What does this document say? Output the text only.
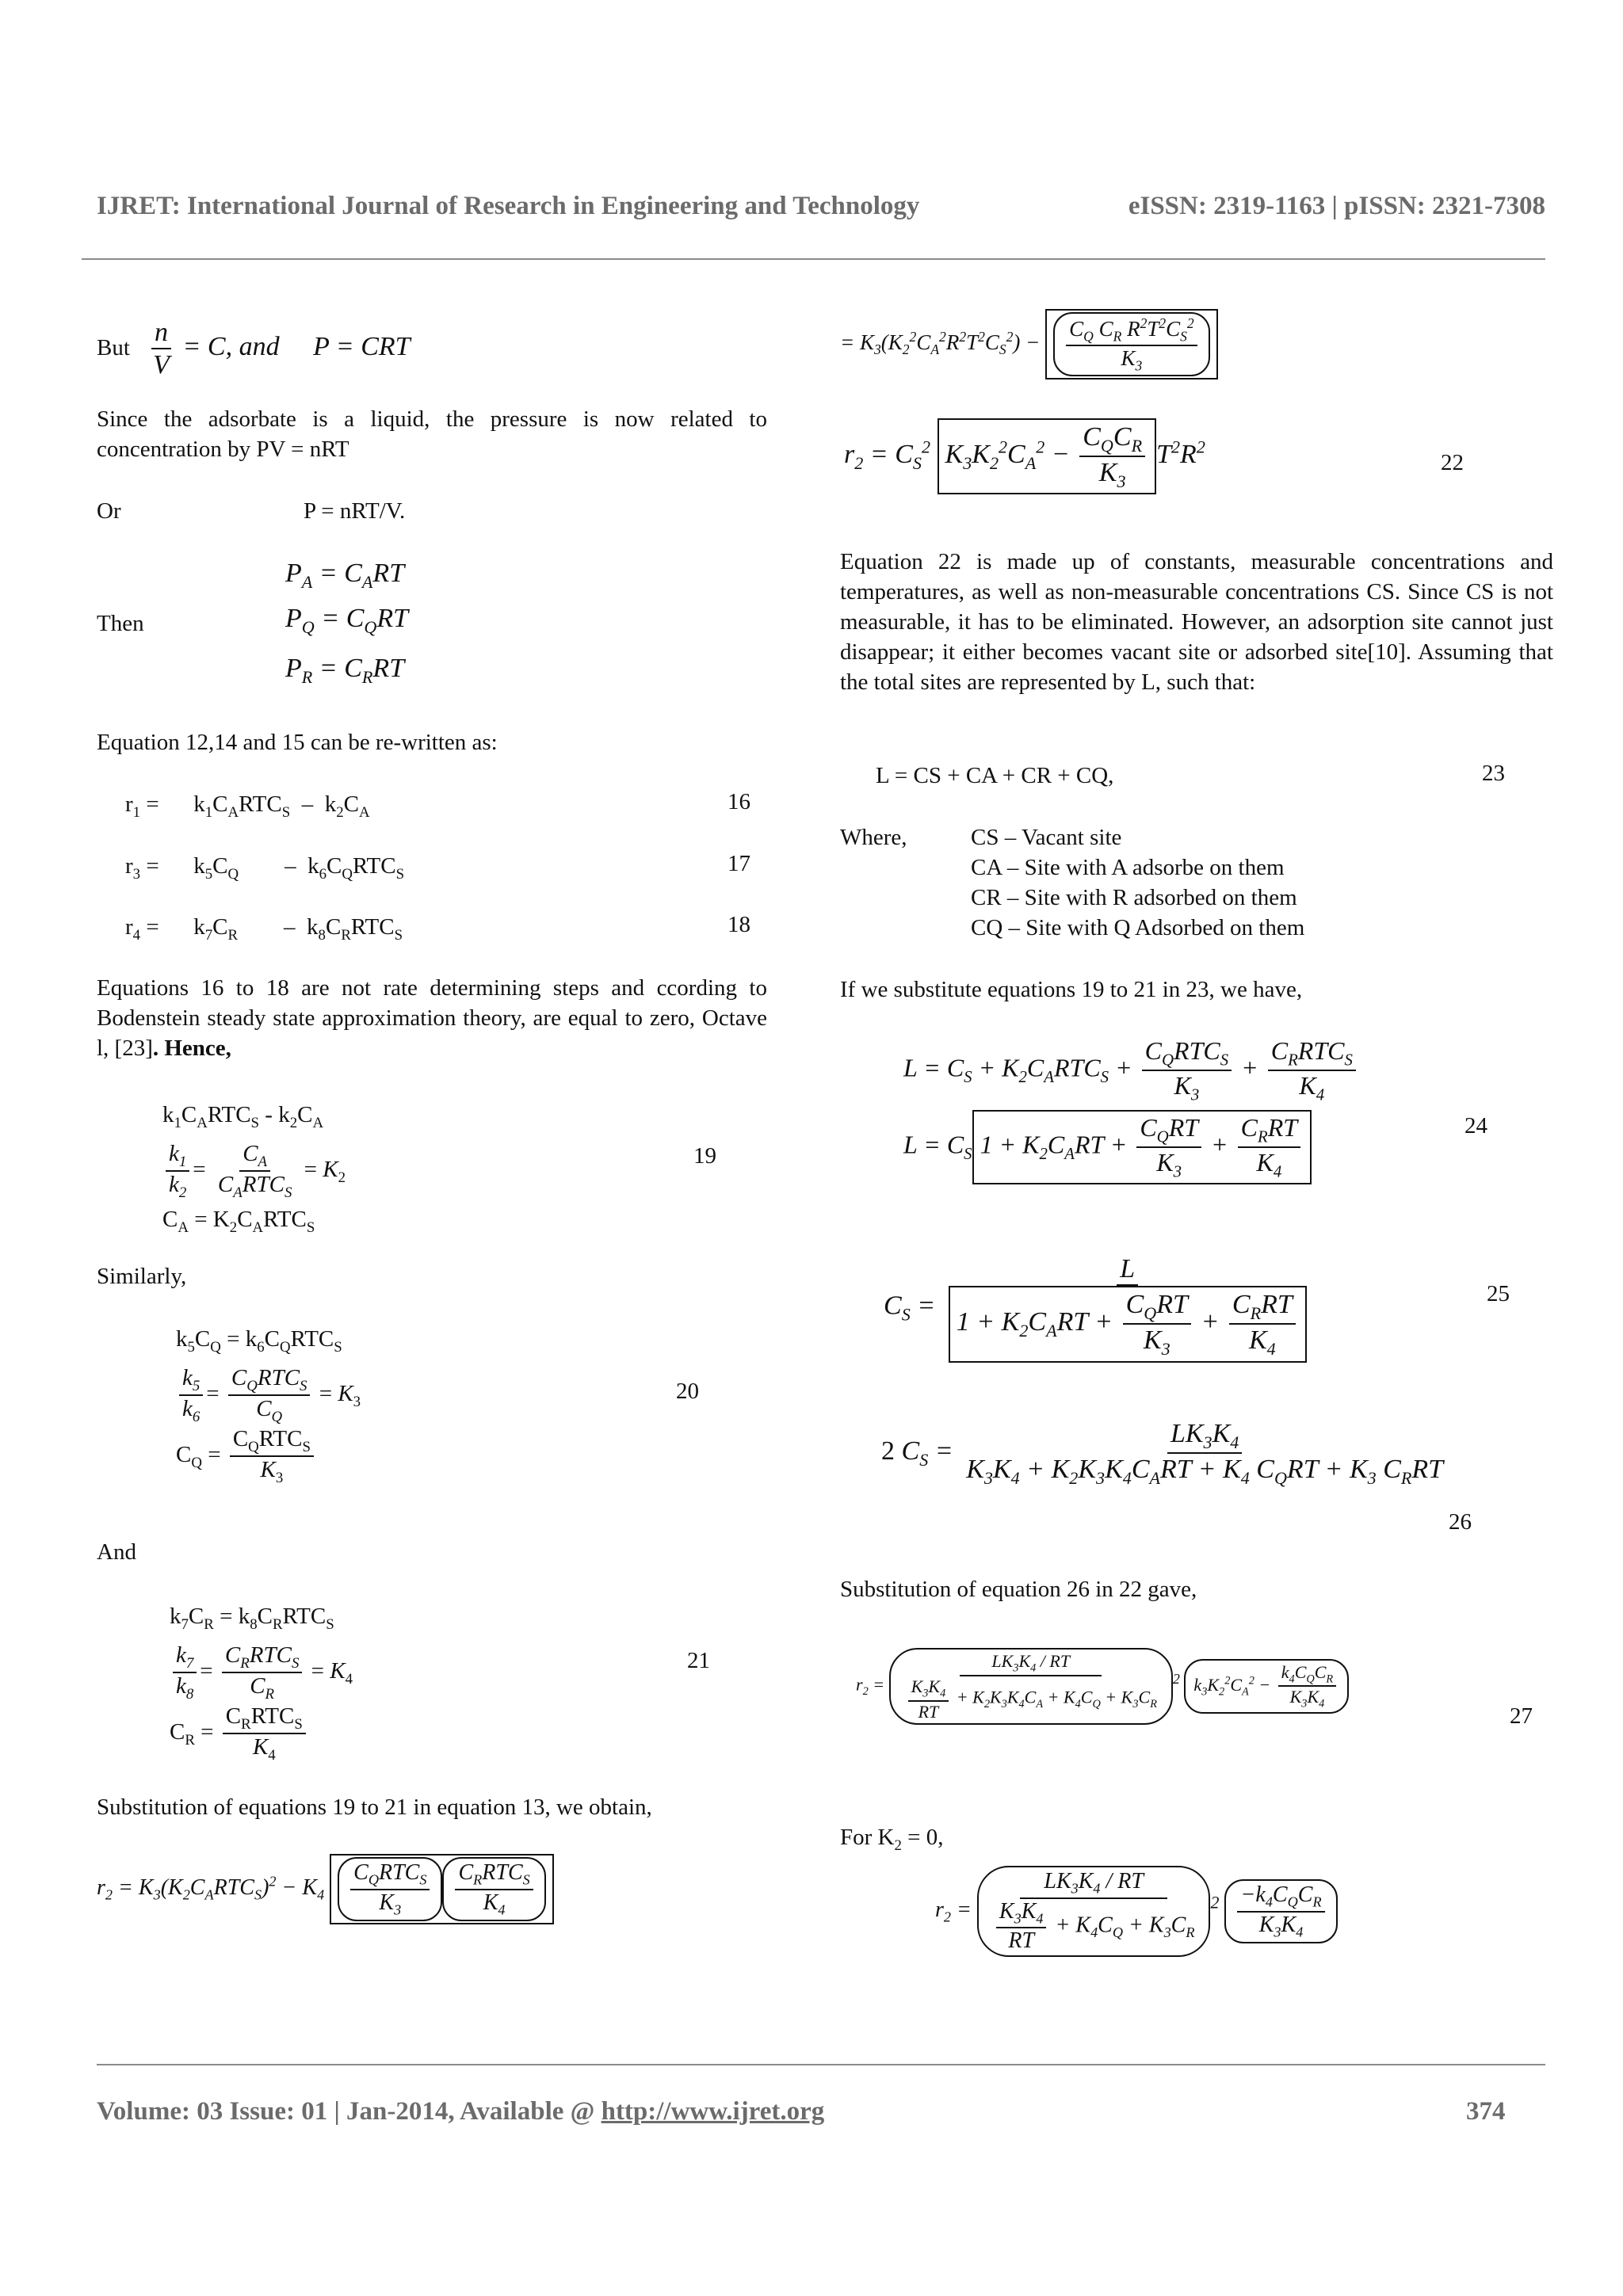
IJRET: International Journal of Research in Engineering and Technology	eISSN: 2319-1163 | pISSN: 2321-7308
But $\frac{n}{V} = C$, and P = CRT
Since the adsorbate is a liquid, the pressure is now related to concentration by PV = nRT
Or	P = nRT/V.
$P_A = C_ART$
Then	$P_Q = C_QRT$
$P_R = C_RRT$
Equation 12,14 and 15 can be re-written as:
$r_1$ =      $k_1C_ARTC_S - k_2C_A$	16
$r_3$ =      $k_5C_Q$        –  $k_6C_QRTC_S$	17
$r_4$ =      $k_7C_R$        –  $k_8C_RRTC_S$	18
Equations 16 to 18 are not rate determining steps and ccording to Bodenstein steady state approximation theory, are equal to zero, Octave l, [23]. Hence,
$k_1C_ARTC_S - k_2C_A$
$\frac{k_1}{k_2} = \frac{C_A}{C_ARTC_S} = K_2$
$C_A = K_2C_ARTC_S$
19
Similarly,
$k_5C_Q = k_6C_QRTC_S$
$\frac{k_5}{k_6} = \frac{C_QRTC_S}{C_Q} = K_3$
$C_Q = \frac{C_QRTC_S}{K_3}$
20
And
$k_7C_R = k_8C_RRTC_S$
$\frac{k_7}{k_8} = \frac{C_RRTC_S}{C_R} = K_4$
$C_R = \frac{C_RRTC_S}{K_4}$
21
Substitution of equations 19 to 21 in equation 13, we obtain,
$r_2 = K_3(K_2C_ARTC_S)^2 - K_4 \frac{C_QRTC_S}{K_3} \frac{C_RRTC_S}{K_4}$
= $K_3(K_2^2C_A^2R^2T^2C_S^2) - \frac{C_Q C_R R^2T^2C_S^2}{K_3}$
$r_2 = C_S^2$ $K_3K_2^2C_A^2 - \frac{C_QC_R}{K_3} T^2R^2$
22
Equation 22 is made up of constants, measurable concentrations and temperatures, as well as non-measurable concentrations CS. Since CS is not measurable, it has to be eliminated. However, an adsorption site cannot just disappear; it either becomes vacant site or adsorbed site[10]. Assuming that the total sites are represented by L, such that:
L = CS + CA + CR + CQ,	23
Where,	CS – Vacant site
CA – Site with A adsorbe on them
CR – Site with R adsorbed on them
CQ – Site with Q Adsorbed on them
If we substitute equations 19 to 21 in 23, we have,
$L = C_S + K_2C_ARTC_S + \frac{C_QRTC_S}{K_3} + \frac{C_RRTC_S}{K_4}$
$L = C_S$ $1 + K_2C_ART + \frac{C_QRT}{K_3} + \frac{C_RRT}{K_4}$	24
$C_S = \frac{L}{1 + K_2C_ART + \frac{C_QRT}{K_3} + \frac{C_RRT}{K_4}}$	25
2 $C_S = \frac{LK_3K_4}{K_3K_4 + K_2K_3K_4C_ART + K_4 C_QRT + K_3 C_RRT}$
26
Substitution of equation 26 in 22 gave,
$r_2 = \frac{LK_3K_4 / RT}{\frac{K_3K_4}{RT} + K_2K_3K_4C_A + K_4C_Q + K_3C_R} ^2$ $k_3K_2^2C_A^2 - \frac{k_4C_QC_R}{K_3K_4}$
27
For $K_2 = 0$,
$r_2 = \frac{LK_3K_4 / RT}{\frac{K_3K_4}{RT} + K_4C_Q + K_3C_R} ^2 \frac{-k_4C_QC_R}{K_3K_4}$
Volume: 03 Issue: 01 | Jan-2014, Available @ http://www.ijret.org	374
